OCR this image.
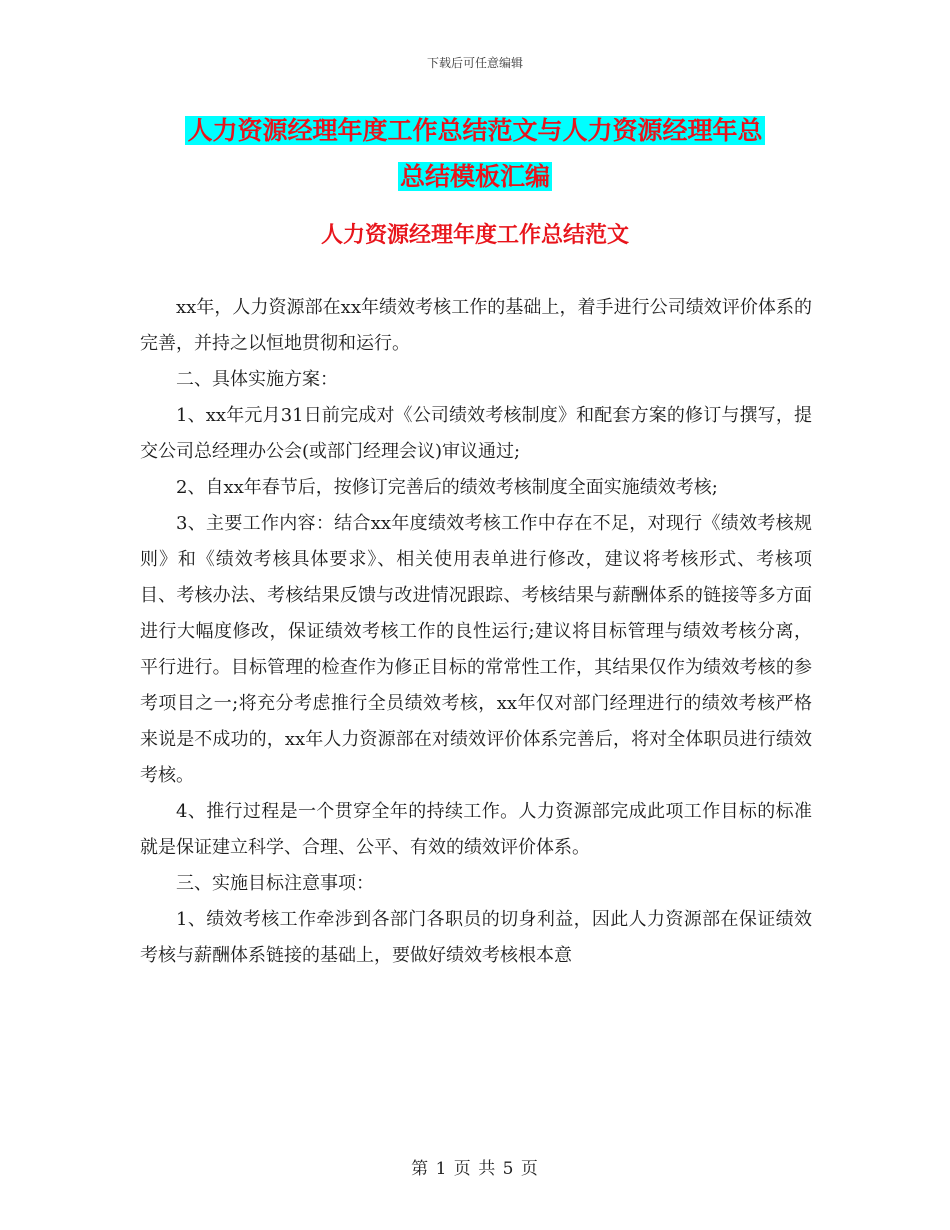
下载后可任意编辑
人力资源经理年度工作总结范文与人力资源经理年总
总结模板汇编
人力资源经理年度工作总结范文

xx年，人力资源部在xx年绩效考核工作的基础上，着手进行公司绩效评价体系的完善，并持之以恒地贯彻和运行。

二、具体实施方案：

1、xx年元月31日前完成对《公司绩效考核制度》和配套方案的修订与撰写，提交公司总经理办公会(或部门经理会议)审议通过;

2、自xx年春节后，按修订完善后的绩效考核制度全面实施绩效考核;

3、主要工作内容：结合xx年度绩效考核工作中存在不足，对现行《绩效考核规则》和《绩效考核具体要求》、相关使用表单进行修改，建议将考核形式、考核项目、考核办法、考核结果反馈与改进情况跟踪、考核结果与薪酬体系的链接等多方面进行大幅度修改，保证绩效考核工作的良性运行;建议将目标管理与绩效考核分离，平行进行。目标管理的检查作为修正目标的常常性工作，其结果仅作为绩效考核的参考项目之一;将充分考虑推行全员绩效考核，xx年仅对部门经理进行的绩效考核严格来说是不成功的，xx年人力资源部在对绩效评价体系完善后，将对全体职员进行绩效考核。

4、推行过程是一个贯穿全年的持续工作。人力资源部完成此项工作目标的标准就是保证建立科学、合理、公平、有效的绩效评价体系。

三、实施目标注意事项：

1、绩效考核工作牵涉到各部门各职员的切身利益，因此人力资源部在保证绩效考核与薪酬体系链接的基础上，要做好绩效考核根本意

第 1 页 共 5 页
